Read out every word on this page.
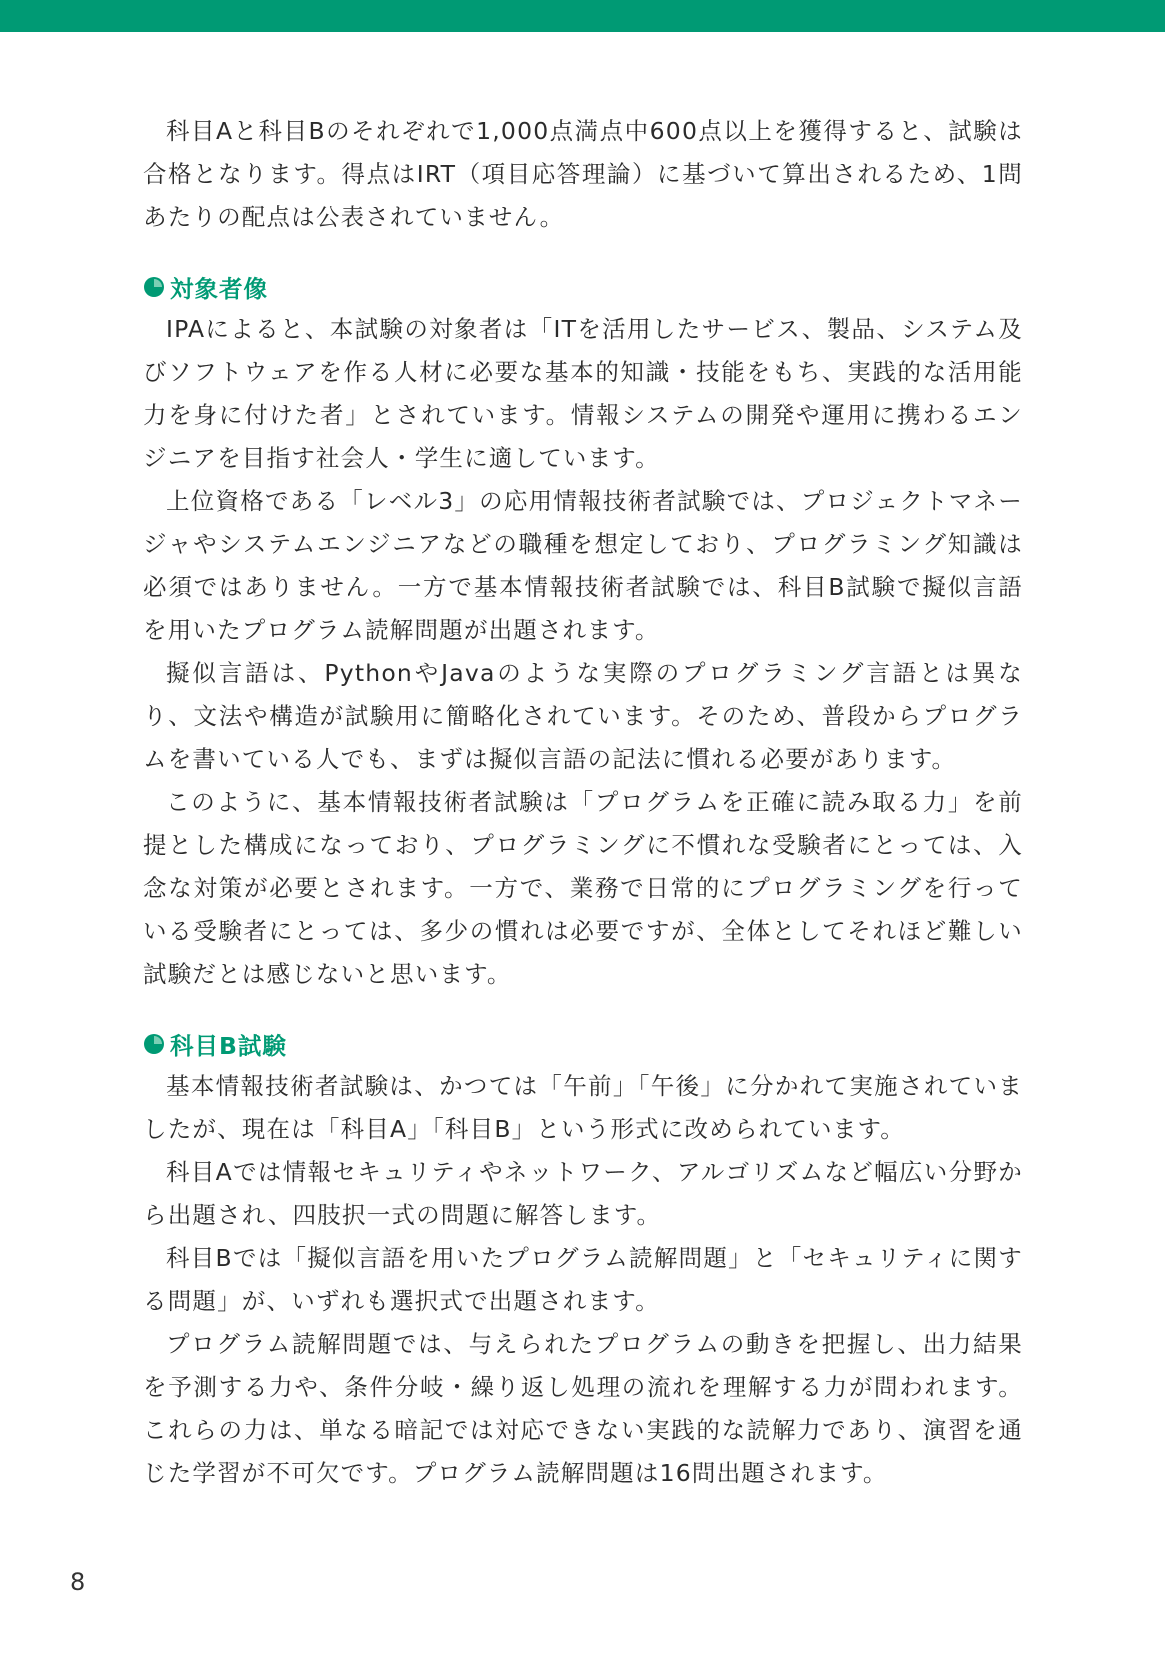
科目Aと科目Bのそれぞれで1,000点満点中600点以上を獲得すると、試験は合格となります。得点はIRT（項目応答理論）に基づいて算出されるため、1問あたりの配点は公表されていません。

対象者像

IPAによると、本試験の対象者は「ITを活用したサービス、製品、システム及びソフトウェアを作る人材に必要な基本的知識・技能をもち、実践的な活用能力を身に付けた者」とされています。情報システムの開発や運用に携わるエンジニアを目指す社会人・学生に適しています。

上位資格である「レベル3」の応用情報技術者試験では、プロジェクトマネージャやシステムエンジニアなどの職種を想定しており、プログラミング知識は必須ではありません。一方で基本情報技術者試験では、科目B試験で擬似言語を用いたプログラム読解問題が出題されます。

擬似言語は、PythonやJavaのような実際のプログラミング言語とは異なり、文法や構造が試験用に簡略化されています。そのため、普段からプログラムを書いている人でも、まずは擬似言語の記法に慣れる必要があります。

このように、基本情報技術者試験は「プログラムを正確に読み取る力」を前提とした構成になっており、プログラミングに不慣れな受験者にとっては、入念な対策が必要とされます。一方で、業務で日常的にプログラミングを行っている受験者にとっては、多少の慣れは必要ですが、全体としてそれほど難しい試験だとは感じないと思います。

科目B試験

基本情報技術者試験は、かつては「午前」「午後」に分かれて実施されていましたが、現在は「科目A」「科目B」という形式に改められています。

科目Aでは情報セキュリティやネットワーク、アルゴリズムなど幅広い分野から出題され、四肢択一式の問題に解答します。

科目Bでは「擬似言語を用いたプログラム読解問題」と「セキュリティに関する問題」が、いずれも選択式で出題されます。

プログラム読解問題では、与えられたプログラムの動きを把握し、出力結果を予測する力や、条件分岐・繰り返し処理の流れを理解する力が問われます。これらの力は、単なる暗記では対応できない実践的な読解力であり、演習を通じた学習が不可欠です。プログラム読解問題は16問出題されます。

8
